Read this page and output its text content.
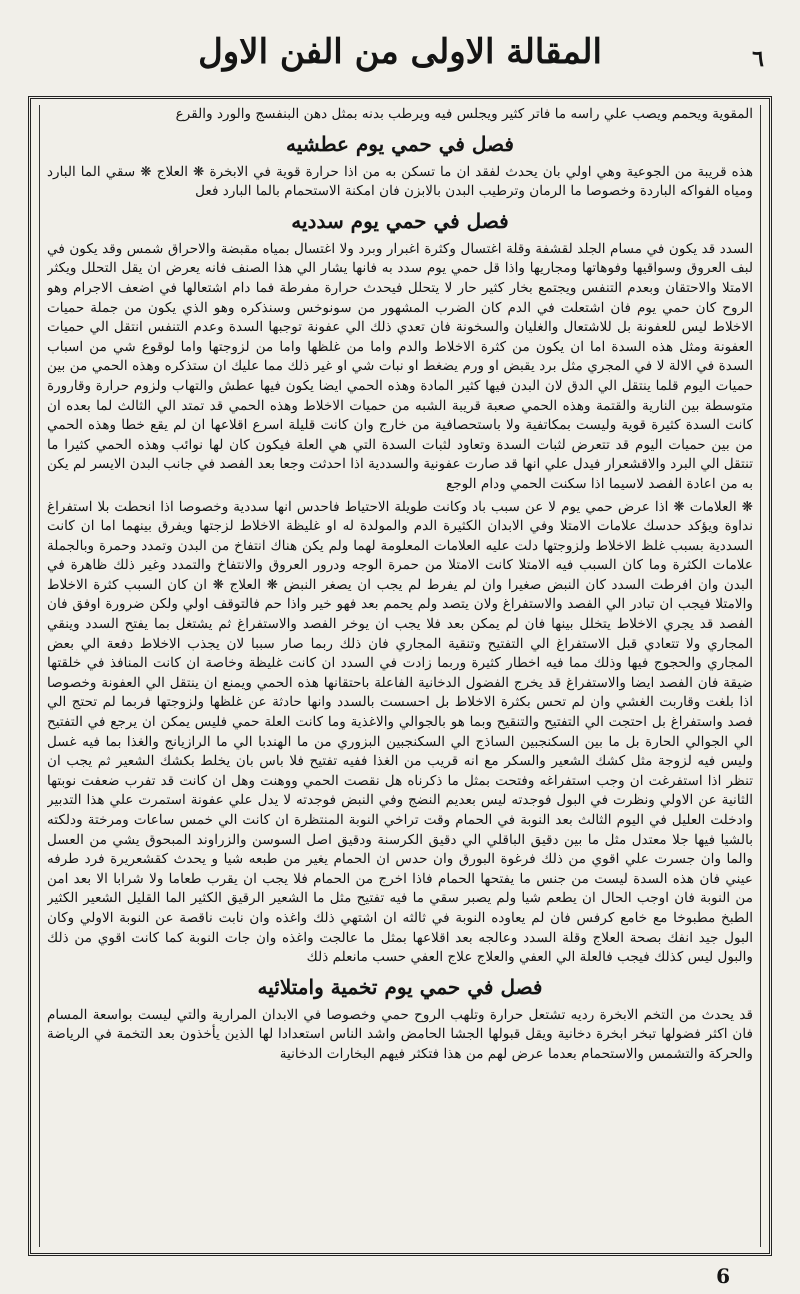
المقالة الاولى من الفن الاول	٦

المقوية ويحمم ويصب علي راسه ما فاتر كثير ويجلس فيه ويرطب بدنه بمثل دهن البنفسج والورد والقرع

فصل في حمي يوم عطشيه

هذه قريبة من الجوعية وهي اولي بان يحدث لفقد ان ما تسكن به من اذا حرارة قوية في الابخرة ❋ العلاج ❋ سقي الما البارد ومياه الفواكه الباردة وخصوصا ما الرمان وترطيب البدن بالابزن فان امكنة الاستحمام بالما البارد فعل

فصل في حمي يوم سدديه

السدد قد يكون في مسام الجلد لقشفة وقلة اغتسال وكثرة اغبرار وبرد ولا اغتسال بمياه مقبضة والاحراق شمس وقد يكون في لبف العروق وسواقيها وفوهاتها ومجاريها واذا قل حمي يوم سدد به فانها يشار الي هذا الصنف فانه يعرض ان يقل التحلل ويكثر الامتلا والاحتقان وبعدم التنفس ويجتمع بخار كثير حار لا يتحلل فيحدث حرارة مفرطة فما دام اشتعالها في اضعف الاجرام وهو الروح كان حمي يوم فان اشتعلت في الدم كان الضرب المشهور من سونوخس وسنذكره وهو الذي يكون من جملة حميات الاخلاط ليس للعفونة بل للاشتعال والغليان والسخونة فان تعدي ذلك الي عفونة توجبها السدة وعدم التنفس انتقل الي حميات العفونة ومثل هذه السدة اما ان يكون من كثرة الاخلاط والدم واما من غلظها واما من لزوجتها واما لوقوع شي من اسباب السدة في الالة لا في المجري مثل برد يقبض او ورم يضغط او نبات شي او غير ذلك مما عليك ان ستذكره وهذه الحمي من بين حميات اليوم قلما ينتقل الي الدق لان البدن فيها كثير المادة وهذه الحمي ايضا يكون فيها عطش والتهاب ولزوم حرارة وقارورة متوسطة بين النارية والقتمة وهذه الحمي صعبة قريبة الشبه من حميات الاخلاط وهذه الحمي قد تمتد الي الثالث لما بعده ان كانت السدة كثيرة قوية وليست بمكاتفية ولا باستحصافية من خارج وان كانت قليلة اسرع اقلاعها ان لم يقع خطا وهذه الحمي من بين حميات اليوم قد تتعرض لثبات السدة وتعاود لثبات السدة التي هي العلة فيكون كان لها نوائب وهذه الحمي كثيرا ما تنتقل الي البرد والاقشعرار فيدل علي انها قد صارت عفونية والسددية اذا احدثت وجعا بعد الفصد في جانب البدن الايسر لم يكن به من اعادة الفصد لاسيما اذا سكنت الحمي ودام الوجع

❋ العلامات ❋ اذا عرض حمي يوم لا عن سبب باد وكانت طويلة الاحتياط فاحدس انها سددية وخصوصا اذا انحطت بلا استفراغ نداوة ويؤكد حدسك علامات الامتلا وفي الابدان الكثيرة الدم والمولدة له او غليظة الاخلاط لزجتها ويفرق بينهما اما ان كانت السددية بسبب غلظ الاخلاط ولزوجتها دلت عليه العلامات المعلومة لهما ولم يكن هناك انتفاخ من البدن وتمدد وحمرة وبالجملة علامات الكثرة وما كان السبب فيه الامتلا كانت الامتلا من حمرة الوجه ودرور العروق والانتفاخ والتمدد وغير ذلك ظاهرة في البدن وان افرطت السدد كان النبض صغيرا وان لم يفرط لم يجب ان يصغر النبض ❋ العلاج ❋ ان كان السبب كثرة الاخلاط والامتلا فيجب ان تبادر الي الفصد والاستفراغ ولان يتصد ولم يحمم بعد فهو خير واذا حم فالتوقف اولي ولكن ضرورة اوفق فان الفصد قد يجري الاخلاط يتخلل بينها فان لم يمكن بعد فلا يجب ان يوخر الفصد والاستفراغ ثم يشتغل بما يفتح السدد وينقي المجاري ولا تتعادي قبل الاستفراغ الي التفتيح وتنقية المجاري فان ذلك ربما صار سببا لان يجذب الاخلاط دفعة الي بعض المجاري والحجوج فيها وذلك مما فيه اخطار كثيرة وربما زادت في السدد ان كانت غليظة وخاصة ان كانت المنافذ في خلقتها ضيقة فان الفصد ايضا والاستفراغ قد يخرج الفضول الدخانية الفاعلة باحتقانها هذه الحمي ويمنع ان ينتقل الي العفونة وخصوصا اذا بلغت وقاربت الغشي وان لم تحس بكثرة الاخلاط بل احسست بالسدد وانها حادثة عن غلظها ولزوجتها فربما لم تحتج الي فصد واستفراغ بل احتجت الي التفتيح والتنقيح وبما هو بالجوالي والاغذية وما كانت العلة حمي فليس يمكن ان يرجع في التفتيح الي الجوالي الحارة بل ما بين السكنجبين الساذج الي السكنجبين البزوري من ما الهندبا الي ما الرازيانج والغذا بما فيه غسل وليس فيه لزوجة مثل كشك الشعير والسكر مع انه قريب من الغذا ففيه تفتيح فلا باس بان يخلط بكشك الشعير ثم يجب ان تنظر اذا استفرغت ان وجب استفراغه وفتحت بمثل ما ذكرناه هل نقصت الحمي ووهنت وهل ان كانت قد تفرب ضعفت نوبتها الثانية عن الاولي ونظرت في البول فوجدته ليس بعديم النضج وفي النبض فوجدته لا يدل علي عفونة استمرت علي هذا التدبير وادخلت العليل في اليوم الثالث بعد النوبة في الحمام وقت تراخي النوبة المنتظرة ان كانت الي خمس ساعات ومرختة ودلكته بالشيا فيها جلا معتدل مثل ما بين دقيق الباقلي الي دقيق الكرسنة ودقيق اصل السوسن والزراوند المبحوق يشي من العسل والما وان جسرت علي اقوي من ذلك فرغوة البورق وان حدس ان الحمام يغير من طبعه شيا و يحدث كقشعريرة فرد طرفه عيني فان هذه السدة ليست من جنس ما يفتحها الحمام فاذا اخرج من الحمام فلا يجب ان يقرب طعاما ولا شرابا الا بعد امن من النوبة فان اوجب الحال ان يطعم شيا ولم يصبر سقي ما فيه تفتيح مثل ما الشعير الرقيق الكثير الما القليل الشعير الكثير الطبخ مطبوخا مع خامع كرفس فان لم يعاوده النوبة في ثالثه ان اشتهي ذلك واغذه وان نابت ناقصة عن النوبة الاولي وكان البول جيد انفك بصحة العلاج وقلة السدد وعالجه بعد اقلاعها بمثل ما عالجت واغذه وان جات النوبة كما كانت اقوي من ذلك والبول ليس كذلك فيجب فالعلة الي العفي والعلاج علاج العفي حسب مانعلم ذلك

فصل في حمي يوم تخمية وامتلائيه

قد يحدث من التخم الابخرة رديه تشتعل حرارة وتلهب الروح حمي وخصوصا في الابدان المرارية والتي ليست بواسعة المسام فان اكثر فضولها تبخر ابخرة دخانية ويقل قبولها الجشا الحامض واشد الناس استعدادا لها الذين يأخذون بعد التخمة في الرياضة والحركة والتشمس والاستحمام بعدما عرض لهم من هذا فتكثر فيهم البخارات الدخانية

6
